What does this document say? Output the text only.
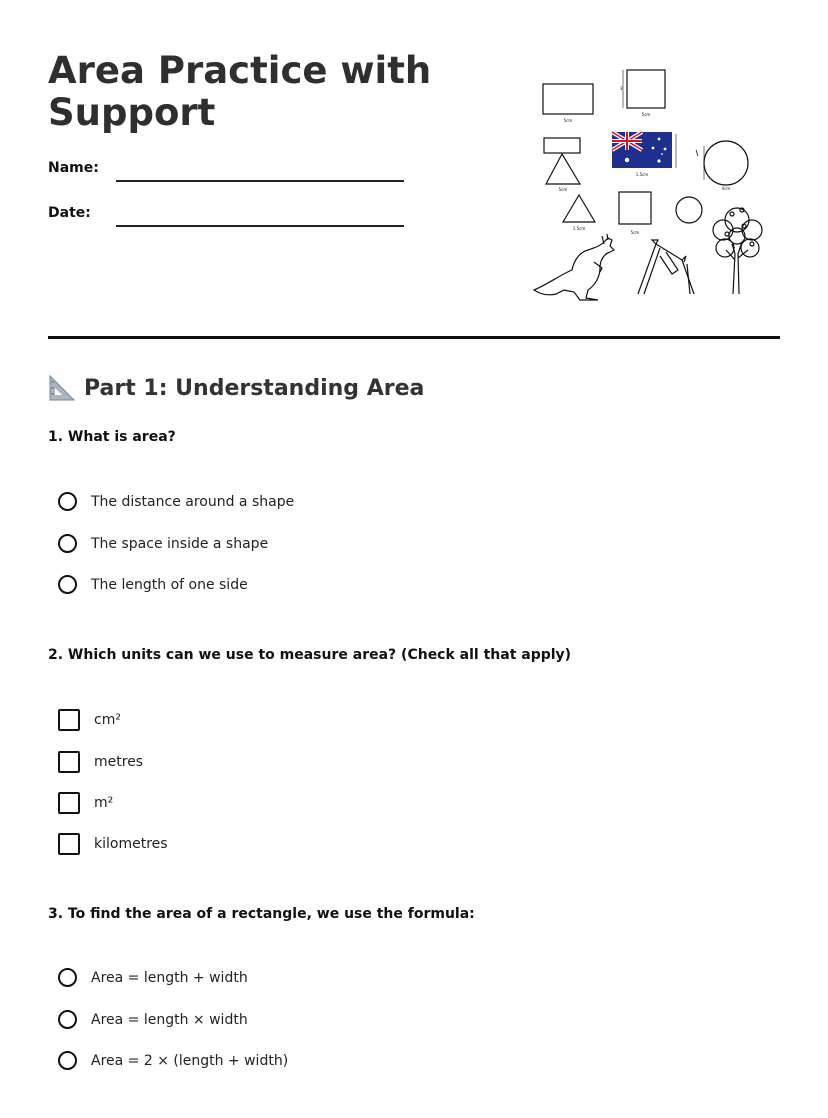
Area Practice with Support
Name:
Date:
5cm
5cm
3
5cm
1.5cm
4cm
1.5cm
5cm
Part 1: Understanding Area
1. What is area?
The distance around a shape
The space inside a shape
The length of one side
2. Which units can we use to measure area? (Check all that apply)
cm²
metres
m²
kilometres
3. To find the area of a rectangle, we use the formula:
Area = length + width
Area = length × width
Area = 2 × (length + width)
